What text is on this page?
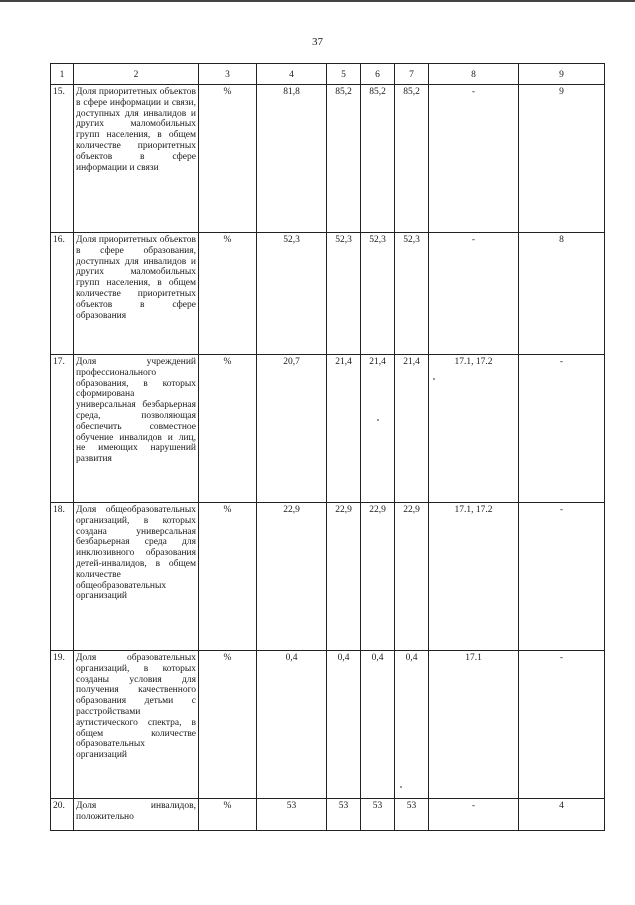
37
1	2	3	4	5	6	7	8	9
15.	Доля приоритетных объектов в сфере информации и связи, доступных для инвалидов и других маломобильных групп населения, в общем количестве приоритетных объектов в сфере информации и связи	%	81,8	85,2	85,2	85,2	-	9
16.	Доля приоритетных объектов в сфере образования, доступных для инвалидов и других маломобильных групп населения, в общем количестве приоритетных объектов в сфере образования	%	52,3	52,3	52,3	52,3	-	8
17.	Доля учреждений профессионального образования, в которых сформирована универсальная безбарьерная среда, позволяющая обеспечить совместное обучение инвалидов и лиц, не имеющих нарушений развития	%	20,7	21,4	21,4	21,4	17.1, 17.2	-
18.	Доля общеобразовательных организаций, в которых создана универсальная безбарьерная среда для инклюзивного образования детей-инвалидов, в общем количестве общеобразовательных организаций	%	22,9	22,9	22,9	22,9	17.1, 17.2	-
19.	Доля образовательных организаций, в которых созданы условия для получения качественного образования детьми с расстройствами аутистического спектра, в общем количестве образовательных организаций	%	0,4	0,4	0,4	0,4	17.1	-
20.	Доля инвалидов, положительно	%	53	53	53	53	-	4
